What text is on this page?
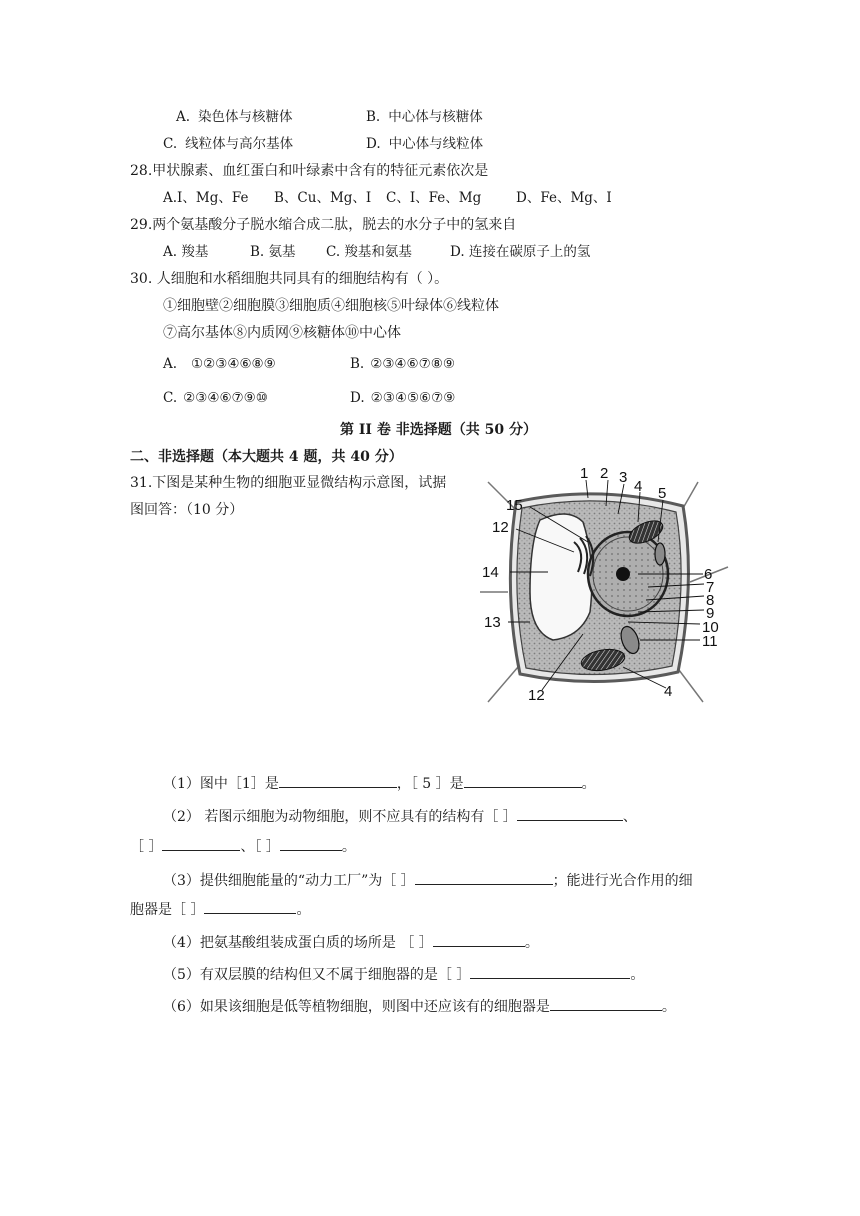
A. 染色体与核糖体	B. 中心体与核糖体
C. 线粒体与高尔基体	D. 中心体与线粒体
28.甲状腺素、血红蛋白和叶绿素中含有的特征元素依次是
A.I、Mg、Fe B、Cu、Mg、I C、I、Fe、Mg	D、Fe、Mg、I
29.两个氨基酸分子脱水缩合成二肽，脱去的水分子中的氢来自
A. 羧基	B. 氨基 C. 羧基和氨基	D. 连接在碳原子上的氢
30. 人细胞和水稻细胞共同具有的细胞结构有（ ）。
①细胞壁②细胞膜③细胞质④细胞核⑤叶绿体⑥线粒体
⑦高尔基体⑧内质网⑨核糖体⑩中心体
A. ①②③④⑥⑧⑨	B. ②③④⑥⑦⑧⑨
C. ②③④⑥⑦⑨⑩	D. ②③④⑤⑥⑦⑨
第 II 卷 非选择题（共 50 分）
二、非选择题（本大题共 4 题，共 40 分）
31.下图是某种生物的细胞亚显微结构示意图，试据
图回答：（10 分）
1 2 3
4 5
15
12
14	6
7
8
9
10
13
11
12	4
（1）图中［1］是	，［ 5 ］是	。
（2） 若图示细胞为动物细胞，则不应具有的结构有［ ］	、
［ ］	、［ ］	。
（3）提供细胞能量的“动力工厂”为［ ］	；能进行光合作用的细
胞器是［ ］	。
（4）把氨基酸组装成蛋白质的场所是 ［ ］	。
（5）有双层膜的结构但又不属于细胞器的是［ ］	。
（6）如果该细胞是低等植物细胞，则图中还应该有的细胞器是	。
